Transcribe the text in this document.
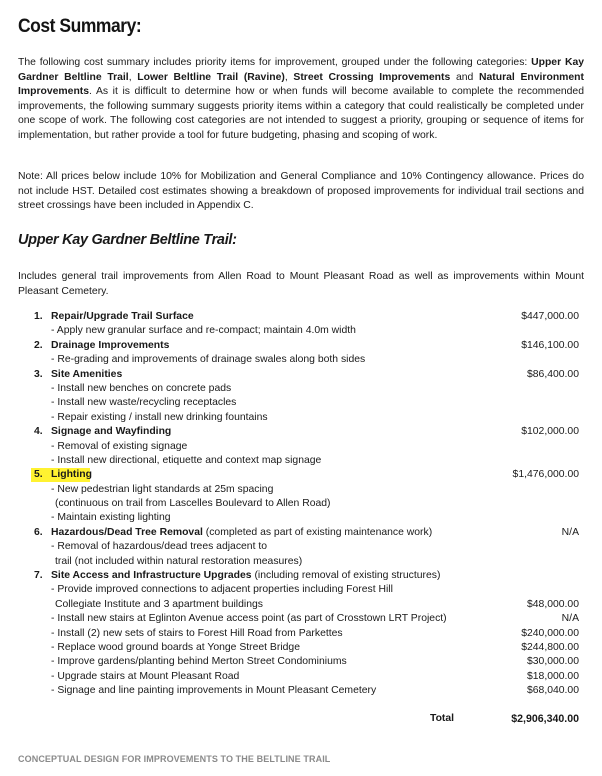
Cost Summary:
The following cost summary includes priority items for improvement, grouped under the following categories: Upper Kay Gardner Beltline Trail, Lower Beltline Trail (Ravine), Street Crossing Improvements and Natural Environment Improvements. As it is difficult to determine how or when funds will become available to complete the recommended improvements, the following summary suggests priority items within a category that could realistically be completed under one scope of work. The following cost categories are not intended to suggest a priority, grouping or sequence of items for implementation, but rather provide a tool for future budgeting, phasing and scoping of work.
Note: All prices below include 10% for Mobilization and General Compliance and 10% Contingency allowance. Prices do not include HST. Detailed cost estimates showing a breakdown of proposed improvements for individual trail sections and street crossings have been included in Appendix C.
Upper Kay Gardner Beltline Trail:
Includes general trail improvements from Allen Road to Mount Pleasant Road as well as improvements within Mount Pleasant Cemetery.
1. Repair/Upgrade Trail Surface	$447,000.00
- Apply new granular surface and re-compact; maintain 4.0m width
2. Drainage Improvements	$146,100.00
- Re-grading and improvements of drainage swales along both sides
3. Site Amenities	$86,400.00
- Install new benches on concrete pads
- Install new waste/recycling receptacles
- Repair existing / install new drinking fountains
4. Signage and Wayfinding	$102,000.00
- Removal of existing signage
- Install new directional, etiquette and context map signage
5. Lighting	$1,476,000.00
- New pedestrian light standards at 25m spacing
(continuous on trail from Lascelles Boulevard to Allen Road)
- Maintain existing lighting
6. Hazardous/Dead Tree Removal (completed as part of existing maintenance work)	N/A
- Removal of hazardous/dead trees adjacent to
trail (not included within natural restoration measures)
7. Site Access and Infrastructure Upgrades (including removal of existing structures)
- Provide improved connections to adjacent properties including Forest Hill
Collegiate Institute and 3 apartment buildings	$48,000.00
- Install new stairs at Eglinton Avenue access point (as part of Crosstown LRT Project)	N/A
- Install (2) new sets of stairs to Forest Hill Road from Parkettes	$240,000.00
- Replace wood ground boards at Yonge Street Bridge	$244,800.00
- Improve gardens/planting behind Merton Street Condominiums	$30,000.00
- Upgrade stairs at Mount Pleasant Road	$18,000.00
- Signage and line painting improvements in Mount Pleasant Cemetery	$68,040.00
Total	$2,906,340.00
CONCEPTUAL DESIGN FOR IMPROVEMENTS TO THE BELTLINE TRAIL
